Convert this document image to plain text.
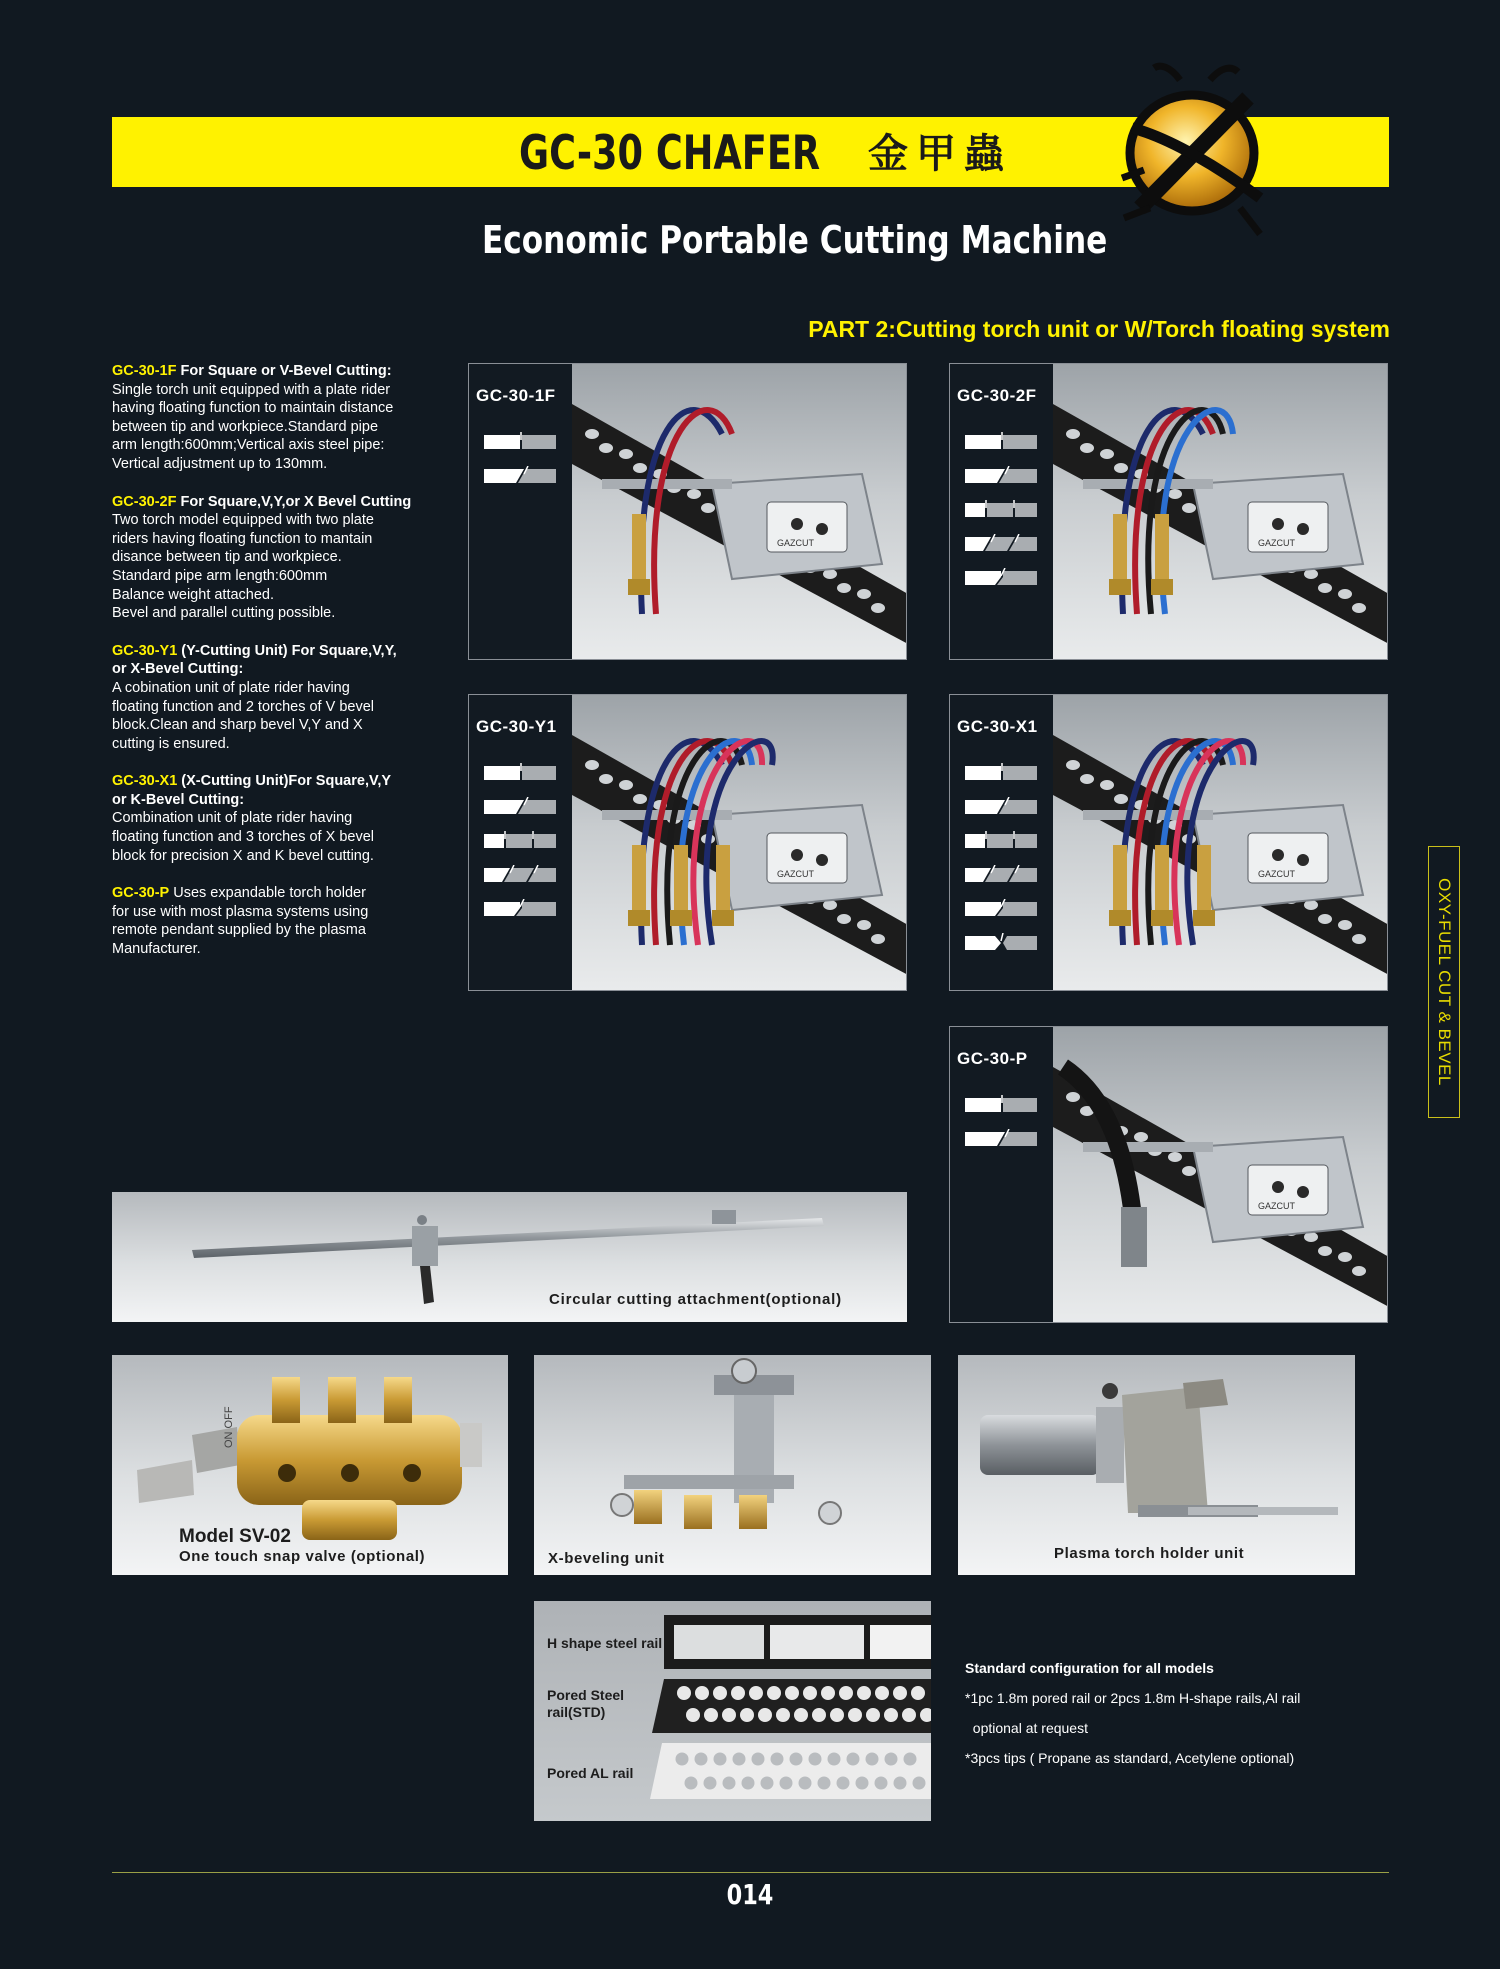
GC-30 CHAFER 金甲蟲
Economic Portable Cutting Machine
PART 2:Cutting torch unit or W/Torch floating system
GC-30-1F For Square or V-Bevel Cutting:
Single torch unit equipped with a plate rider
having floating function to maintain distance
between tip and workpiece.Standard pipe
arm length:600mm;Vertical axis steel pipe:
Vertical adjustment up to 130mm.
GC-30-2F For Square,V,Y,or X Bevel Cutting
Two torch model equipped with two plate
riders having floating function to mantain
disance between tip and workpiece.
Standard pipe arm length:600mm
Balance weight attached.
Bevel and parallel cutting possible.
GC-30-Y1 (Y-Cutting Unit) For Square,V,Y,
or X-Bevel Cutting:
A cobination unit of plate rider having
floating function and 2 torches of V bevel
block.Clean and sharp bevel V,Y and X
cutting is ensured.
GC-30-X1 (X-Cutting Unit)For Square,V,Y
or K-Bevel Cutting:
Combination unit of plate rider having
floating function and 3 torches of X bevel
block for precision X and K bevel cutting.
GC-30-P Uses expandable torch holder
for use with most plasma systems using
remote pendant supplied by the plasma
Manufacturer.
GC-30-1F
GAZCUT
GC-30-2F
GAZCUT
GC-30-Y1
GAZCUT
GC-30-X1
GAZCUT
GC-30-P
GAZCUT
Circular cutting attachment(optional)
ON OFF
Model SV-02
One touch snap valve (optional)	X-beveling unit	Plasma torch holder unit
H shape steel rail
Pored Steel
rail(STD)
Pored AL rail
Standard configuration for all models
*1pc 1.8m pored rail or 2pcs 1.8m H-shape rails,Al rail
optional at request
*3pcs tips ( Propane as standard, Acetylene optional)
OXY-FUEL CUT & BEVEL
014
